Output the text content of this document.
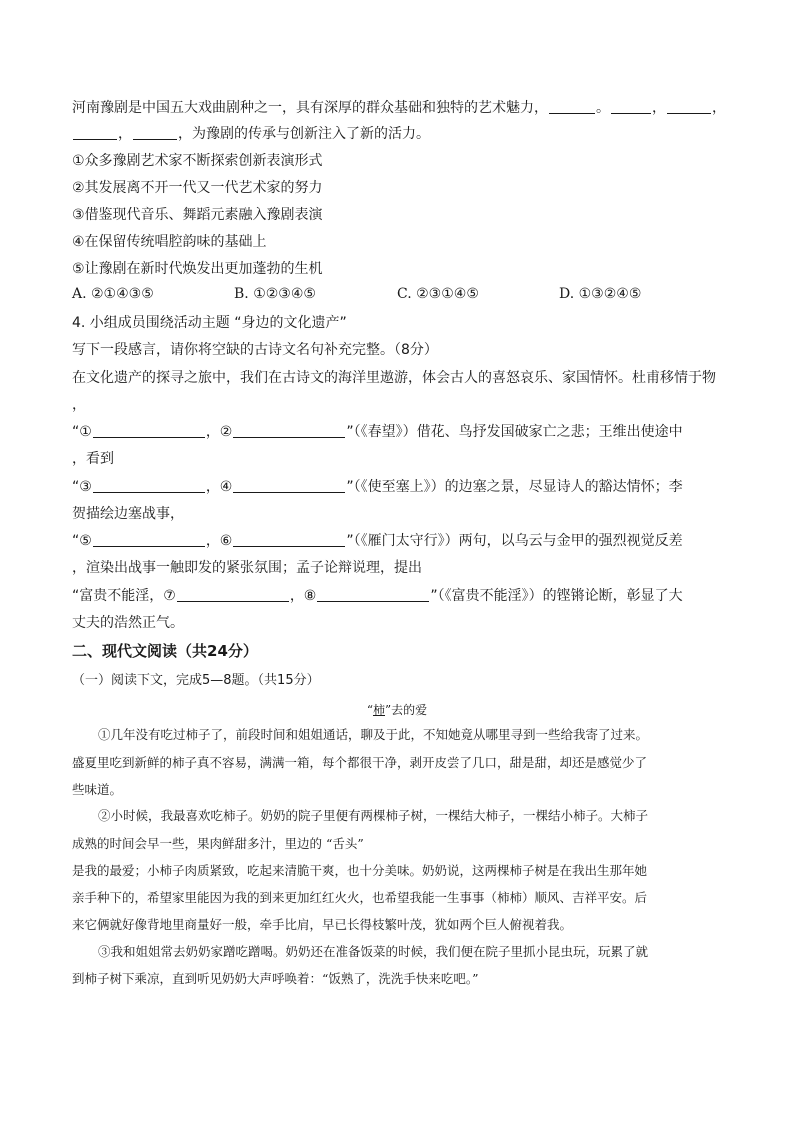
河南豫剧是中国五大戏曲剧种之一，具有深厚的群众基础和独特的艺术魅力，	。	，	，
，	，为豫剧的传承与创新注入了新的活力。
①众多豫剧艺术家不断探索创新表演形式
②其发展离不开一代又一代艺术家的努力
③借鉴现代音乐、舞蹈元素融入豫剧表演
④在保留传统唱腔韵味的基础上
⑤让豫剧在新时代焕发出更加蓬勃的生机
A. ②①④③⑤	B. ①②③④⑤	C. ②③①④⑤	D. ①③②④⑤
4. 小组成员围绕活动主题 “身边的文化遗产”
写下一段感言，请你将空缺的古诗文名句补充完整。（8分）
在文化遗产的探寻之旅中，我们在古诗文的海洋里遨游，体会古人的喜怒哀乐、家国情怀。杜甫移情于物
，
“①	，②	”（《春望》）借花、鸟抒发国破家亡之悲；王维出使途中
，看到
“③	，④	”（《使至塞上》）的边塞之景，尽显诗人的豁达情怀；李
贺描绘边塞战事，
“⑤	，⑥	”（《雁门太守行》）两句，以乌云与金甲的强烈视觉反差
，渲染出战事一触即发的紧张氛围；孟子论辩说理，提出
“富贵不能淫，⑦	，⑧	”（《富贵不能淫》）的铿锵论断，彰显了大
丈夫的浩然正气。
二、现代文阅读（共24分）
（一）阅读下文，完成5—8题。（共15分）
“柿”去的爱
①几年没有吃过柿子了，前段时间和姐姐通话，聊及于此，不知她竟从哪里寻到一些给我寄了过来。
盛夏里吃到新鲜的柿子真不容易，满满一箱，每个都很干净，剥开皮尝了几口，甜是甜，却还是感觉少了
些味道。
②小时候，我最喜欢吃柿子。奶奶的院子里便有两棵柿子树，一棵结大柿子，一棵结小柿子。大柿子
成熟的时间会早一些，果肉鲜甜多汁，里边的 “舌头”
是我的最爱；小柿子肉质紧致，吃起来清脆干爽，也十分美味。奶奶说，这两棵柿子树是在我出生那年她
亲手种下的，希望家里能因为我的到来更加红红火火，也希望我能一生事事（柿柿）顺风、吉祥平安。后
来它俩就好像背地里商量好一般，牵手比肩，早已长得枝繁叶茂，犹如两个巨人俯视着我。
③我和姐姐常去奶奶家蹭吃蹭喝。奶奶还在准备饭菜的时候，我们便在院子里抓小昆虫玩，玩累了就
到柿子树下乘凉，直到听见奶奶大声呼唤着：“饭熟了，洗洗手快来吃吧。”
